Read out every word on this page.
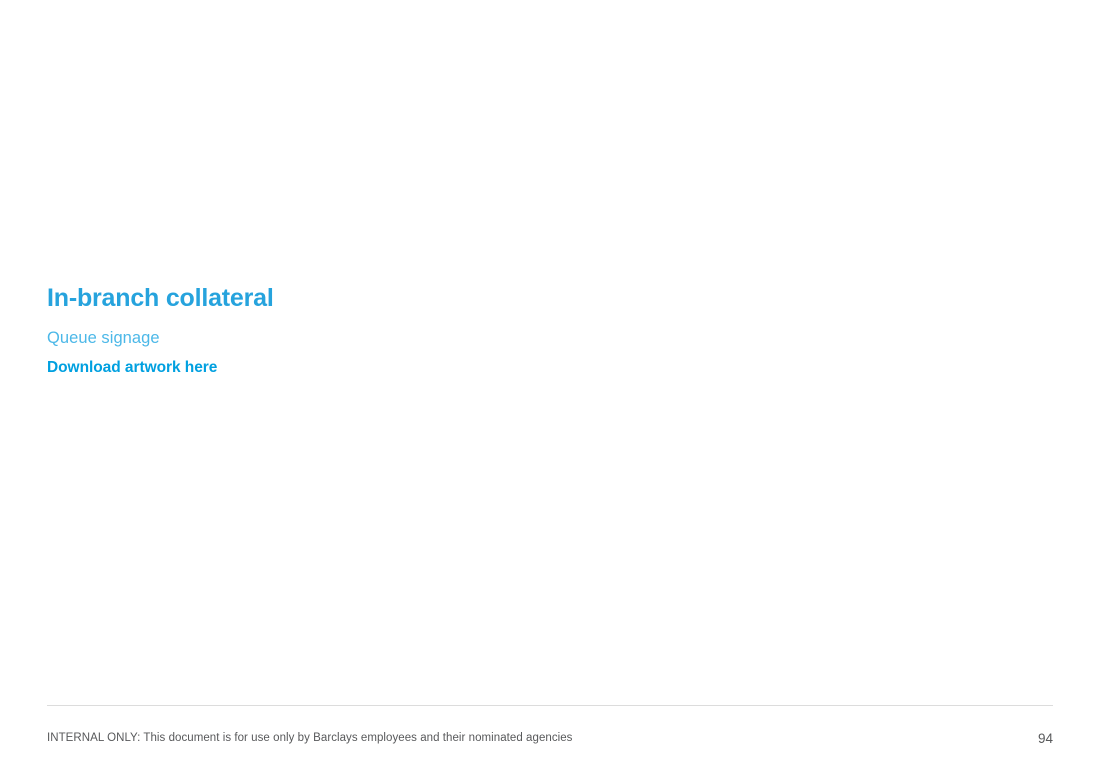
In-branch collateral
Queue signage
Download artwork here
INTERNAL ONLY: This document is for use only by Barclays employees and their nominated agencies	94
